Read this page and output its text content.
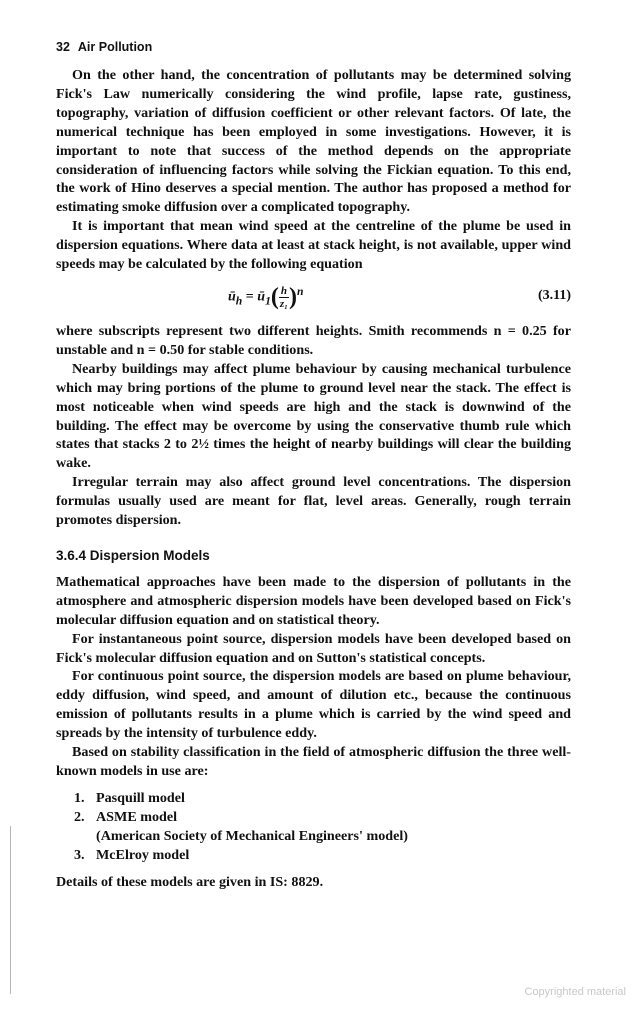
32 Air Pollution

On the other hand, the concentration of pollutants may be determined solving Fick's Law numerically considering the wind profile, lapse rate, gustiness, topography, variation of diffusion coefficient or other relevant factors. Of late, the numerical technique has been employed in some investigations. However, it is important to note that success of the method depends on the appropriate consideration of influencing factors while solving the Fickian equation. To this end, the work of Hino deserves a special mention. The author has proposed a method for estimating smoke diffusion over a complicated topography.

It is important that mean wind speed at the centreline of the plume be used in dispersion equations. Where data at least at stack height, is not available, upper wind speeds may be calculated by the following equation

$ū_h$ = $ū_1( \frac{h}{\text{z₁}} )^n$	(3.11)

where subscripts represent two different heights. Smith recommends n = 0.25 for unstable and n = 0.50 for stable conditions.

Nearby buildings may affect plume behaviour by causing mechanical turbulence which may bring portions of the plume to ground level near the stack. The effect is most noticeable when wind speeds are high and the stack is downwind of the building. The effect may be overcome by using the conservative thumb rule which states that stacks 2 to 2½ times the height of nearby buildings will clear the building wake.

Irregular terrain may also affect ground level concentrations. The dispersion formulas usually used are meant for flat, level areas. Generally, rough terrain promotes dispersion.

3.6.4 Dispersion Models

Mathematical approaches have been made to the dispersion of pollutants in the atmosphere and atmospheric dispersion models have been developed based on Fick's molecular diffusion equation and on statistical theory.

For instantaneous point source, dispersion models have been developed based on Fick's molecular diffusion equation and on Sutton's statistical concepts.

For continuous point source, the dispersion models are based on plume behaviour, eddy diffusion, wind speed, and amount of dilution etc., because the continuous emission of pollutants results in a plume which is carried by the wind speed and spreads by the intensity of turbulence eddy.

Based on stability classification in the field of atmospheric diffusion the three well-known models in use are:

1. Pasquill model
2. ASME model
(American Society of Mechanical Engineers' model)
3. McElroy model

Details of these models are given in IS: 8829.

Copyrighted material
